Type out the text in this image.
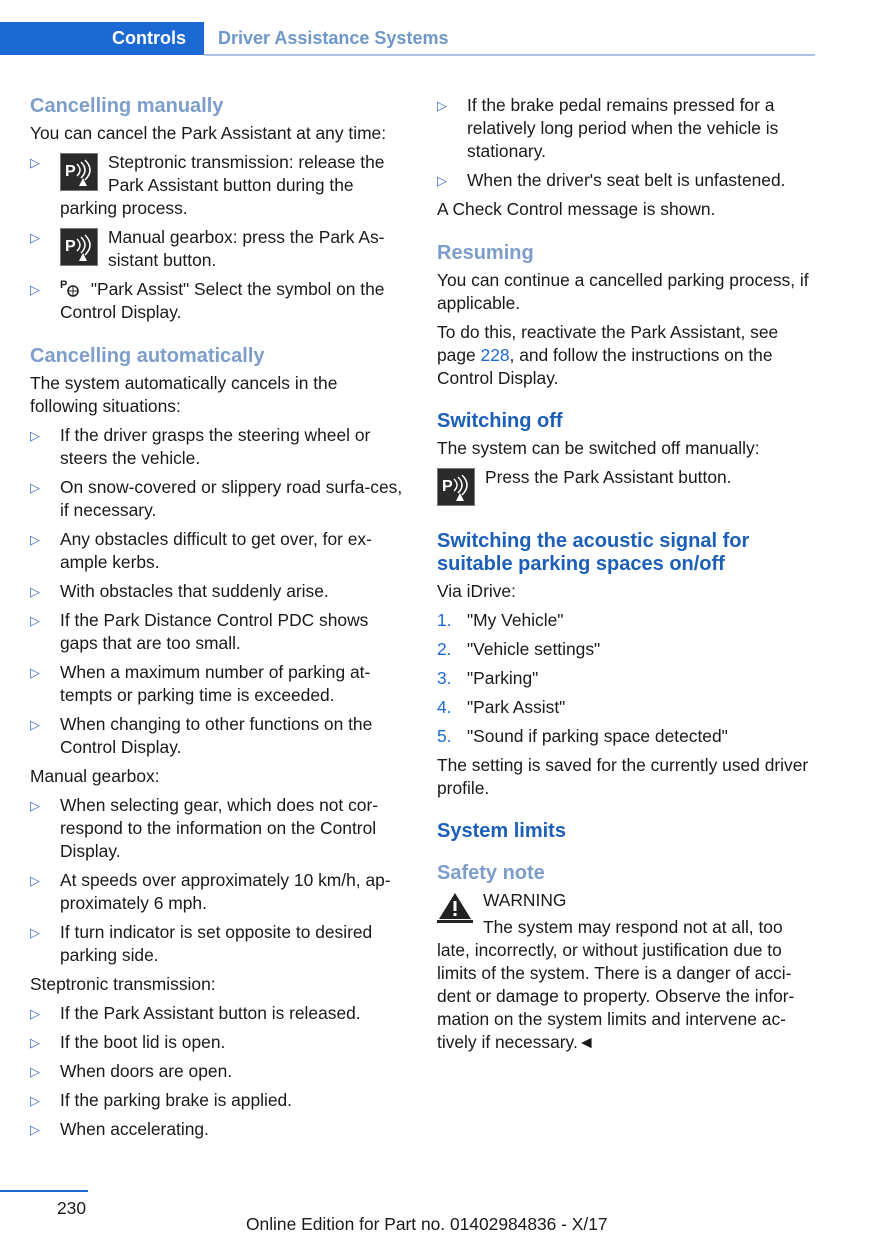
Controls Driver Assistance Systems
Cancelling manually

You can cancel the Park Assistant at any time:

▷
P Steptronic transmission: release the Park Assistant button during the parking process.
▷
P Manual gearbox: press the Park As-sistant button.
▷ P "Park Assist" Select the symbol on the Control Display.
Cancelling automatically

The system automatically cancels in the following situations:

▷ If the driver grasps the steering wheel or steers the vehicle.
▷ On snow-covered or slippery road surfa-ces, if necessary.
▷ Any obstacles difficult to get over, for ex-ample kerbs.
▷ With obstacles that suddenly arise.
▷ If the Park Distance Control PDC shows gaps that are too small.
▷ When a maximum number of parking at-tempts or parking time is exceeded.
▷ When changing to other functions on the Control Display.

Manual gearbox:

▷ When selecting gear, which does not cor-respond to the information on the Control Display.
▷ At speeds over approximately 10 km/h, ap-proximately 6 mph.
▷ If turn indicator is set opposite to desired parking side.

Steptronic transmission:

▷ If the Park Assistant button is released.
▷ If the boot lid is open.
▷ When doors are open.
▷ If the parking brake is applied.
▷ When accelerating.
▷ If the brake pedal remains pressed for a relatively long period when the vehicle is stationary.
▷ When the driver's seat belt is unfastened.

A Check Control message is shown.

Resuming

You can continue a cancelled parking process, if applicable.

To do this, reactivate the Park Assistant, see page 228, and follow the instructions on the Control Display.

Switching off

The system can be switched off manually:

P Press the Park Assistant button.
Switching the acoustic signal for suitable parking spaces on/off

Via iDrive:

1. "My Vehicle"
2. "Vehicle settings"
3. "Parking"
4. "Park Assist"
5. "Sound if parking space detected"

The setting is saved for the currently used driver profile.

System limits
Safety note

WARNING

The system may respond not at all, too late, incorrectly, or without justification due to limits of the system. There is a danger of acci-dent or damage to property. Observe the infor-mation on the system limits and intervene ac-tively if necessary.◄

230
Online Edition for Part no. 01402984836 - X/17
